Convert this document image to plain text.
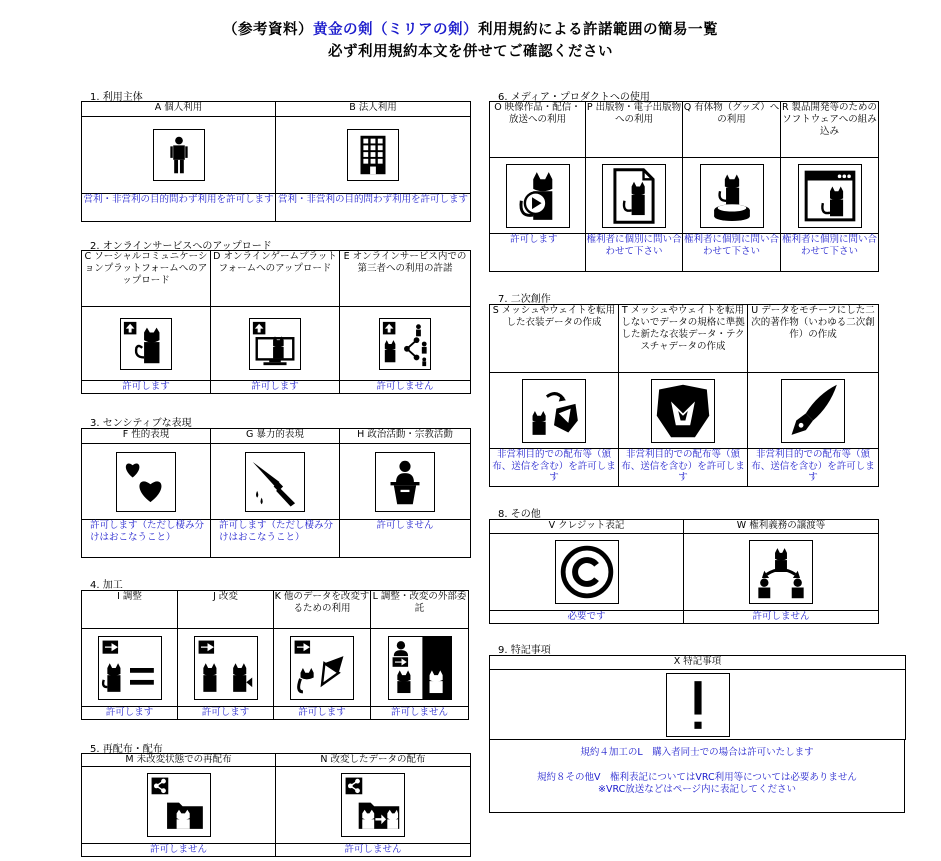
（参考資料）黄金の剣（ミリアの剣）利用規約による許諾範囲の簡易一覧
必ず利用規約本文を併せてご確認ください
1. 利用主体
A 個人利用	B 法人利用

営利・非営利の目的問わず利用を許可します	営利・非営利の目的問わず利用を許可します
2. オンラインサービスへのアップロード
C ソーシャルコミュニケーションプラットフォームへのアップロード	D オンラインゲームプラットフォームへのアップロード	E オンラインサービス内での第三者への利用の許諾

許可します	許可します	許可しません
3. センシティブな表現
F 性的表現	G 暴力的表現	H 政治活動・宗教活動

許可します（ただし棲み分けはおこなうこと）	許可します（ただし棲み分けはおこなうこと）	許可しません
4. 加工
I 調整	J 改変	K 他のデータを改変するための利用	L 調整・改変の外部委託

許可します	許可します	許可します	許可しません
5. 再配布・配布
M 未改変状態での再配布	N 改変したデータの配布

許可しません	許可しません
6. メディア・プロダクトへの使用
O 映像作品・配信・放送への利用	P 出版物・電子出版物への利用	Q 有体物（グッズ）への利用	R 製品開発等のためのソフトウェアへの組み込み

許可します	権利者に個別に問い合わせて下さい	権利者に個別に問い合わせて下さい	権利者に個別に問い合わせて下さい
7. 二次創作
S メッシュやウェイトを転用した衣装データの作成	T メッシュやウェイトを転用しないでデータの規格に準拠した新たな衣装データ・テクスチャデータの作成	U データをモチーフにした二次的著作物（いわゆる二次創作）の作成

非営利目的での配布等（頒布、送信を含む）を許可します	非営利目的での配布等（頒布、送信を含む）を許可します	非営利目的での配布等（頒布、送信を含む）を許可します
8. その他
V クレジット表記	W 権利義務の譲渡等

必要です	許可しません
9. 特記事項
X 特記事項

規約４加工のL　購入者同士での場合は許可いたします
規約８その他V　権利表記についてはVRC利用等については必要ありません
※VRC放送などはページ内に表記してください
